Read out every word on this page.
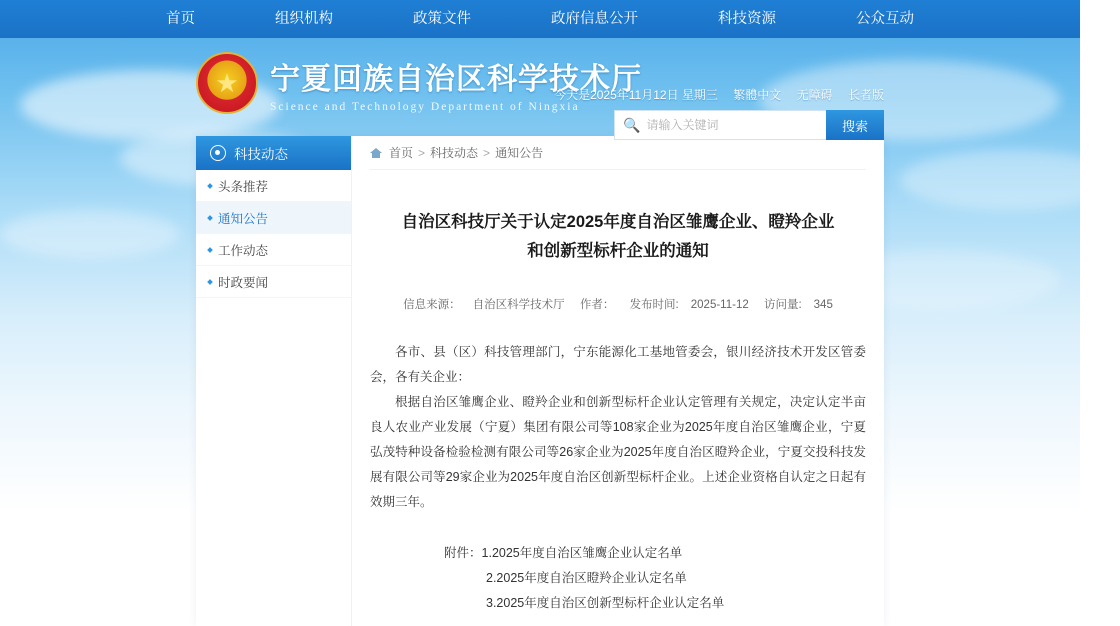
首页	组织机构	政策文件	政府信息公开	科技资源	公众互动
★
宁夏回族自治区科学技术厅
Science and Technology Department of Ningxia
今天是2025年11月12日 星期三 繁體中文 无障碍 长者版
🔍
请输入关键词	搜索
科技动态
头条推荐
通知公告
工作动态
时政要闻
首页 > 科技动态 > 通知公告
自治区科技厅关于认定2025年度自治区雏鹰企业、瞪羚企业
和创新型标杆企业的通知
信息来源： 自治区科学技术厅 作者： 发布时间: 2025-11-12 访问量: 345

各市、县（区）科技管理部门，宁东能源化工基地管委会，银川经济技术开发区管委会，各有关企业：

根据自治区雏鹰企业、瞪羚企业和创新型标杆企业认定管理有关规定，决定认定半亩良人农业产业发展（宁夏）集团有限公司等108家企业为2025年度自治区雏鹰企业，宁夏弘茂特种设备检验检测有限公司等26家企业为2025年度自治区瞪羚企业，宁夏交投科技发展有限公司等29家企业为2025年度自治区创新型标杆企业。上述企业资格自认定之日起有效期三年。

附件：1.2025年度自治区雏鹰企业认定名单
2.2025年度自治区瞪羚企业认定名单
3.2025年度自治区创新型标杆企业认定名单
